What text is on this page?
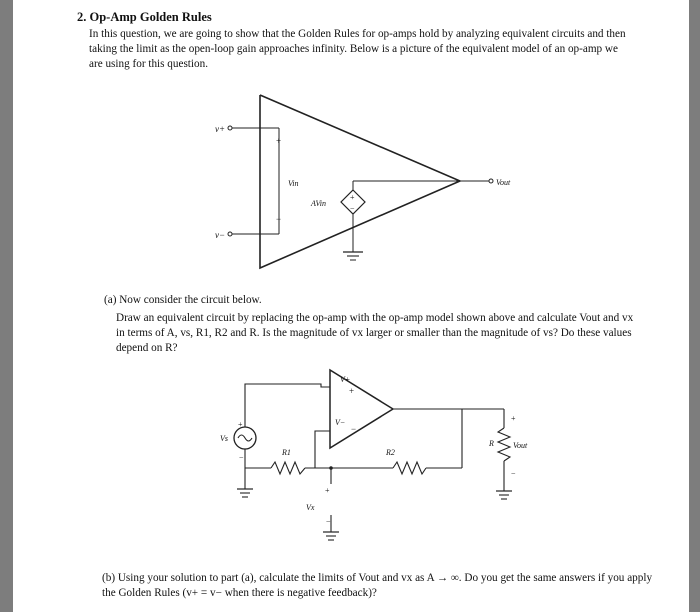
2. Op-Amp Golden Rules
In this question, we are going to show that the Golden Rules for op-amps hold by analyzing equivalent circuits and then taking the limit as the open-loop gain approaches infinity. Below is a picture of the equivalent model of an op-amp we are using for this question.
v+
v−
+
−
Vin
AVin
+
−
Vout
(a) Now consider the circuit below.
Draw an equivalent circuit by replacing the op-amp with the op-amp model shown above and calculate Vout and vx in terms of A, vs, R1, R2 and R. Is the magnitude of vx larger or smaller than the magnitude of vs? Do these values depend on R?
V+
V−
+
−
Vs
+
−
R1	R2
R Vout
+
−
Vx
+
−
(b) Using your solution to part (a), calculate the limits of Vout and vx as A → ∞. Do you get the same answers if you apply the Golden Rules (v+ = v− when there is negative feedback)?
